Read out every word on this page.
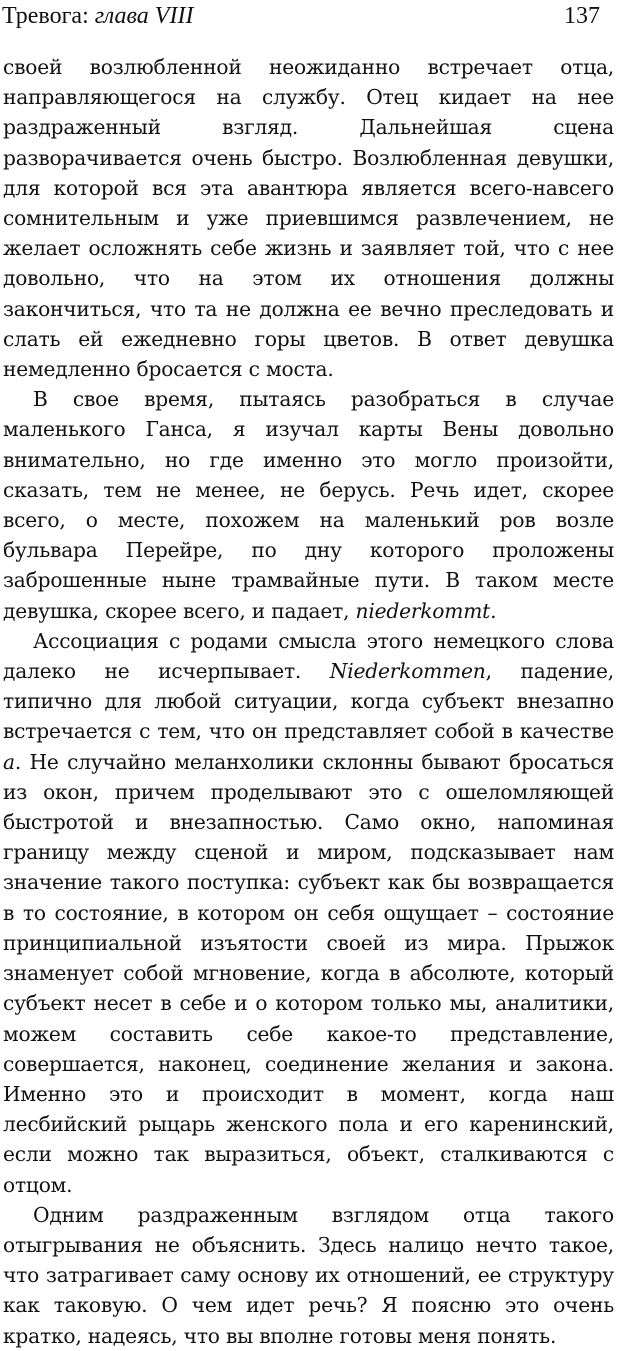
Тревога: глава VIII	137

своей возлюбленной неожиданно встречает отца, направляющегося на службу. Отец кидает на нее раздраженный взгляд. Дальнейшая сцена разворачивается очень быстро. Возлюбленная девушки, для которой вся эта авантюра является всего-навсего сомнительным и уже приевшимся развлечением, не желает осложнять себе жизнь и заявляет той, что с нее довольно, что на этом их отношения должны закончиться, что та не должна ее вечно преследовать и слать ей ежедневно горы цветов. В ответ девушка немедленно бросается с моста.

В свое время, пытаясь разобраться в случае маленького Ганса, я изучал карты Вены довольно внимательно, но где именно это могло произойти, сказать, тем не менее, не берусь. Речь идет, скорее всего, о месте, похожем на маленький ров возле бульвара Перейре, по дну которого проложены заброшенные ныне трамвайные пути. В таком месте девушка, скорее всего, и падает, niederkommt.

Ассоциация с родами смысла этого немецкого слова далеко не исчерпывает. Niederkommen, падение, типично для любой ситуации, когда субъект внезапно встречается с тем, что он представляет собой в качестве а. Не случайно меланхолики склонны бывают бросаться из окон, причем проделывают это с ошеломляющей быстротой и внезапностью. Само окно, напоминая границу между сценой и миром, подсказывает нам значение такого поступка: субъект как бы возвращается в то состояние, в котором он себя ощущает – состояние принципиальной изъятости своей из мира. Прыжок знаменует собой мгновение, когда в абсолюте, который субъект несет в себе и о котором только мы, аналитики, можем составить себе какое-то представление, совершается, наконец, соединение желания и закона. Именно это и происходит в момент, когда наш лесбийский рыцарь женского пола и его каренинский, если можно так выразиться, объект, сталкиваются с отцом.

Одним раздраженным взглядом отца такого отыгрывания не объяснить. Здесь налицо нечто такое, что затрагивает саму основу их отношений, ее структуру как таковую. О чем идет речь? Я поясню это очень кратко, надеясь, что вы вполне готовы меня понять.
